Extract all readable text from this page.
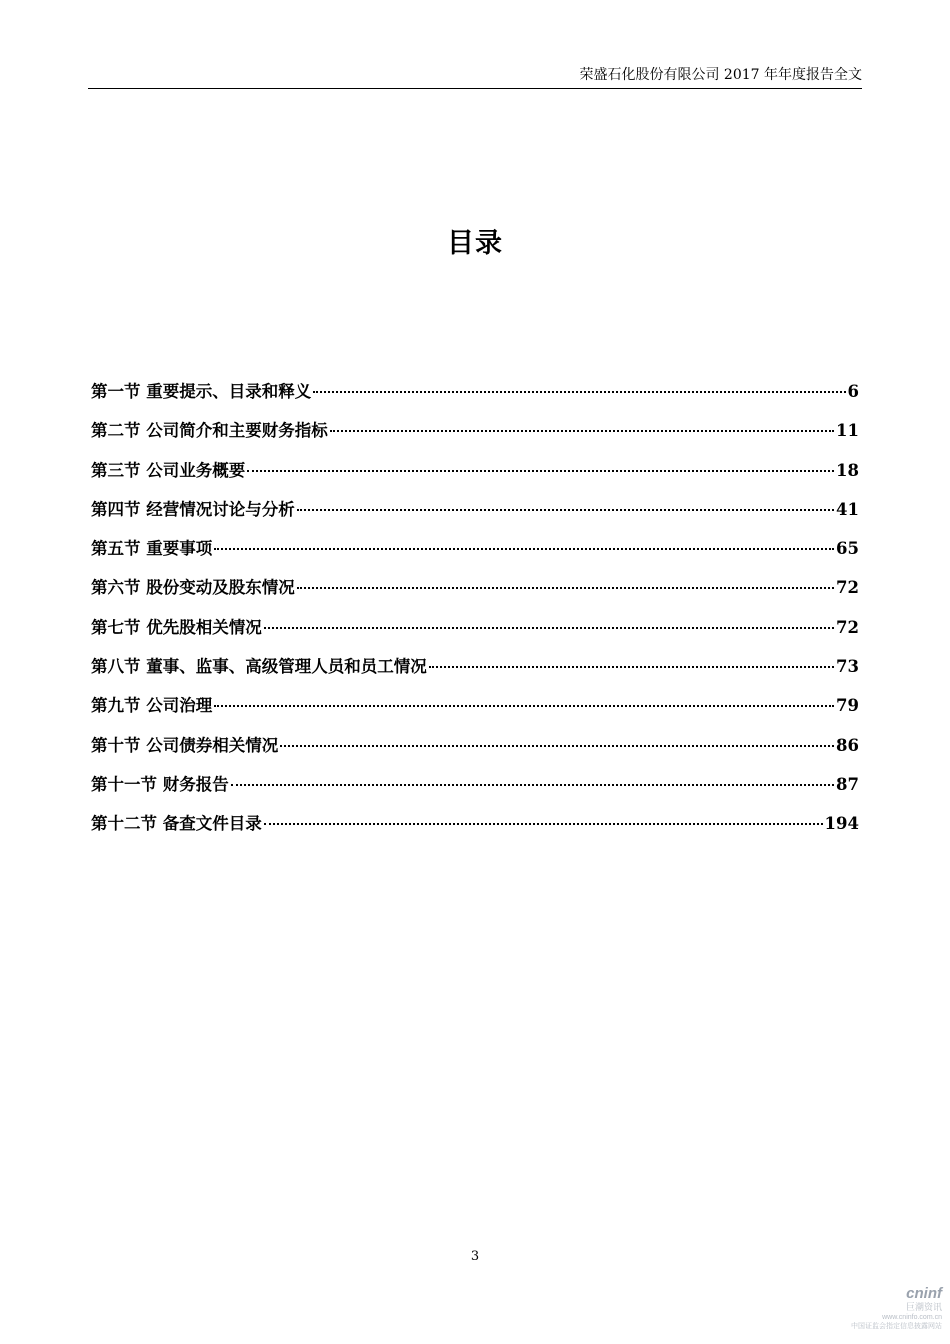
荣盛石化股份有限公司 2017 年年度报告全文
目录
第一节 重要提示、目录和释义	6
第二节 公司简介和主要财务指标	11
第三节 公司业务概要	18
第四节 经营情况讨论与分析	41
第五节 重要事项	65
第六节 股份变动及股东情况	72
第七节 优先股相关情况	72
第八节 董事、监事、高级管理人员和员工情况	73
第九节 公司治理	79
第十节 公司债券相关情况	86
第十一节 财务报告	87
第十二节 备查文件目录	194
3
cninf
巨潮资讯
www.cninfo.com.cn
中国证监会指定信息披露网站
